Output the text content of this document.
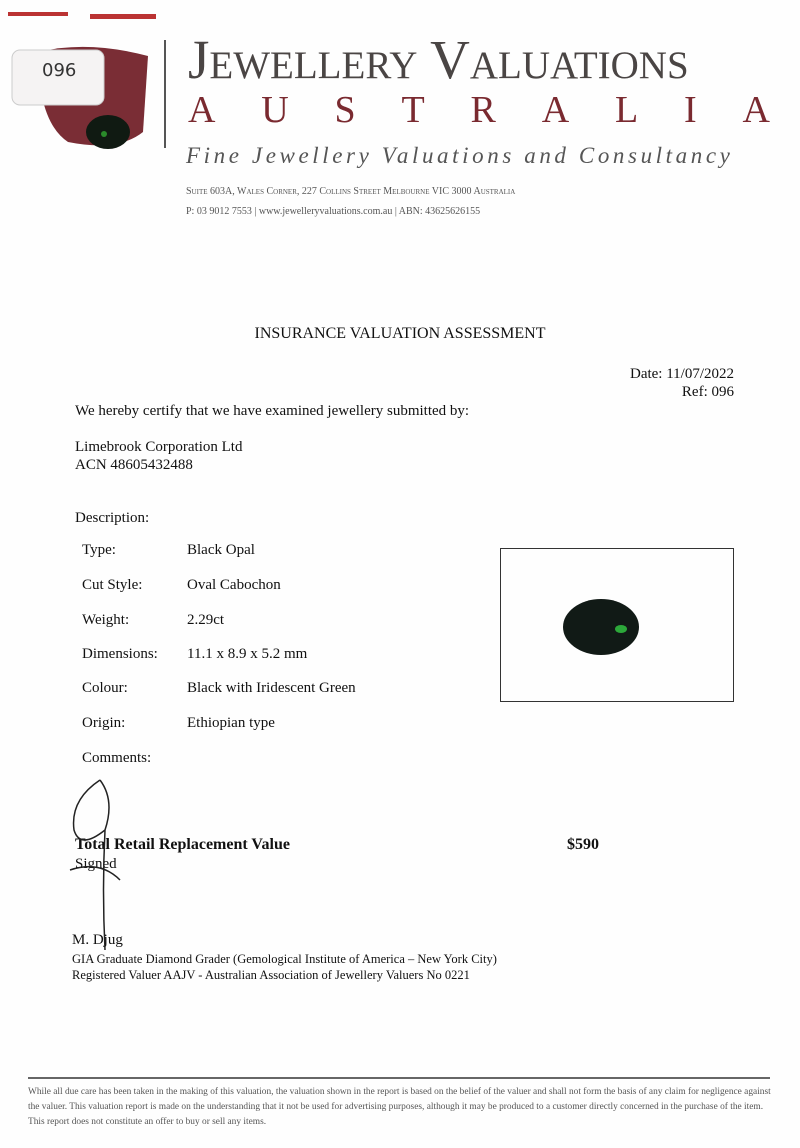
096 Jewellery Valuations
A U S T R A L I A
Fine Jewellery Valuations and Consultancy
Suite 603A, Wales Corner, 227 Collins Street Melbourne VIC 3000 Australia
P: 03 9012 7553 | www.jewelleryvaluations.com.au | ABN: 43625626155
INSURANCE VALUATION ASSESSMENT
Date: 11/07/2022
Ref: 096
We hereby certify that we have examined jewellery submitted by:
Limebrook Corporation Ltd
ACN 48605432488
Description:
Type:	Black Opal
Cut Style:	Oval Cabochon
Weight:	2.29ct
Dimensions: 11.1 x 8.9 x 5.2 mm
Colour:	Black with Iridescent Green
Origin:	Ethiopian type
Comments:
Total Retail Replacement Value	$590
Signed
M. Djug
GIA Graduate Diamond Grader (Gemological Institute of America – New York City)
Registered Valuer AAJV - Australian Association of Jewellery Valuers No 0221
While all due care has been taken in the making of this valuation, the valuation shown in the report is based on the belief of the valuer and shall not form the basis of any claim for negligence against the valuer. This valuation report is made on the understanding that it not be used for advertising purposes, although it may be produced to a customer directly concerned in the purchase of the item. This report does not constitute an offer to buy or sell any items.
